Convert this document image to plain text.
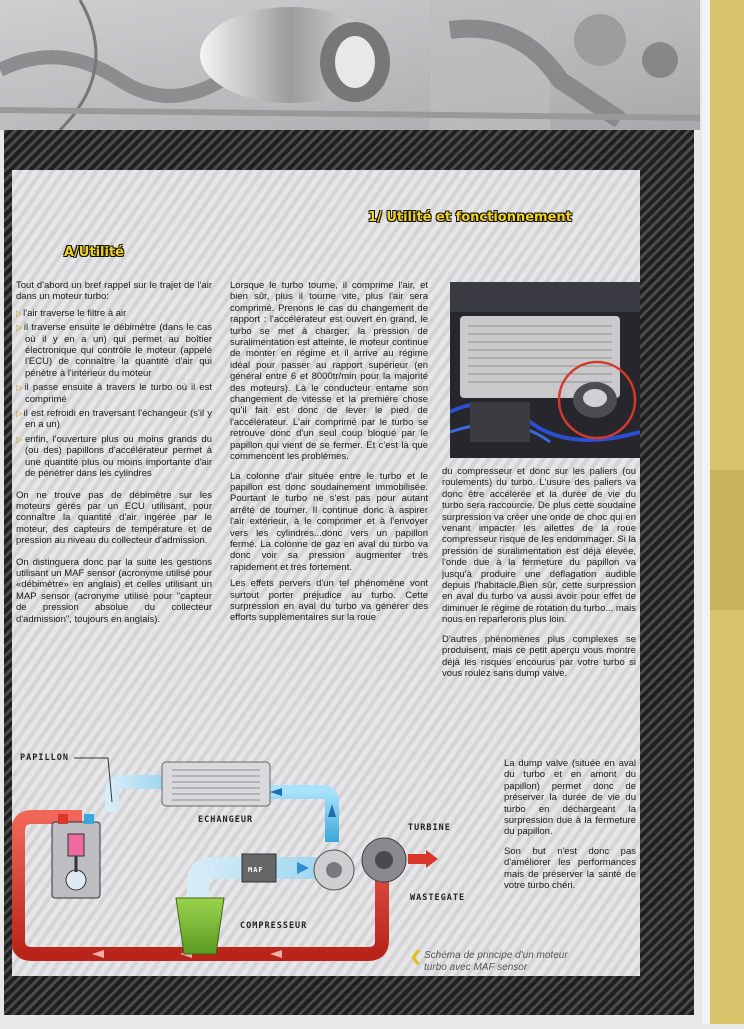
1/ Utilité et fonctionnement
A/Utilité

Tout d'abord un bref rappel sur le trajet de l'air dans un moteur turbo:

▷ l'air traverse le filtre à air

▷ il traverse ensuite le débimètre (dans le cas où il y en a un) qui permet au boîtier électronique qui contrôle le moteur (appelé l'ECU) de connaître la quantité d'air qui pénètre à l'intérieur du moteur

▷ il passe ensuite à travers le turbo où il est comprimé

▷ il est refroidi en traversant l'échangeur (s'il y en a un)

▷ enfin, l'ouverture plus ou moins grands du (ou des) papillons d'accélérateur permet à une quantité plus ou moins importante d'air de pénétrer dans les cylindres

On ne trouve pas de débimètre sur les moteurs gérés par un ECU utilisant, pour connaître la quantité d'air ingérée par le moteur, des capteurs de température et de pression au niveau du collecteur d'admission.

On distinguera donc par la suite les gestions utilisant un MAF sensor (acronyme utilisé pour «débimètre» en anglais) et celles utilisant un MAP sensor (acronyme utilisé pour "capteur de pression absolue du collecteur d'admission", toujours en anglais).

Lorsque le turbo tourne, il comprime l'air, et bien sûr, plus il tourne vite, plus l'air sera comprimé. Prenons le cas du changement de rapport : l'accélérateur est ouvert en grand, le turbo se met à charger, la pression de suralimentation est atteinte, le moteur continue de monter en régime et il arrive au régime idéal pour passer au rapport supérieur (en général entre 6 et 8000tr/min pour la majorité des moteurs). Là le conducteur entame son changement de vitesse et la première chose qu'il fait est donc de lever le pied de l'accélérateur. L'air comprimé par le turbo se retrouve donc d'un seul coup bloqué par le papillon qui vient de se fermer. Et c'est là que commencent les problèmes.

La colonne d'air située entre le turbo et le papillon est donc soudainement immobilisée. Pourtant le turbo ne s'est pas pour autant arrêté de tourner. Il continue donc à aspirer l'air extérieur, à le comprimer et à l'envoyer vers les cylindres...donc vers un papillon fermé. La colonne de gaz en aval du turbo va donc voir sa pression augmenter très rapidement et très fortement.

Les effets pervers d'un tel phénomène vont surtout porter préjudice au turbo. Cette surpression en aval du turbo va générer des efforts supplémentaires sur la roue

du compresseur et donc sur les paliers (ou roulements) du turbo. L'usure des paliers va donc être accélérée et la durée de vie du turbo sera raccourcie. De plus cette soudaine surpression va créer une onde de choc qui en venant impacter les ailettes de la roue compresseur risque de les endommager. Si la pression de suralimentation est déjà élevée, l'onde due à la fermeture du papillon va jusqu'à produire une déflagation audible depuis l'habitacle.Bien sûr, cette surpression en aval du turbo va aussi avoir pour effet de diminuer le régime de rotation du turbo... mais nous en reparlerons plus loin.

D'autres phénomènes plus complexes se produisent, mais ce petit aperçu vous montre déjà les risques encourus par votre turbo si vous roulez sans dump valve.

La dump valve (située en aval du turbo et en amont du papillon) permet donc de préserver la durée de vie du turbo en déchargeant la surpression due à la fermeture du papillon.

Son but n'est donc pas d'améliorer les performances mais de préserver la santé de votre turbo chéri.

PAPILLON
ECHANGEUR
TURBINE
MAF
WASTEGATE
COMPRESSEUR
❮ Schéma de principe d'un moteur
turbo avec MAF sensor
